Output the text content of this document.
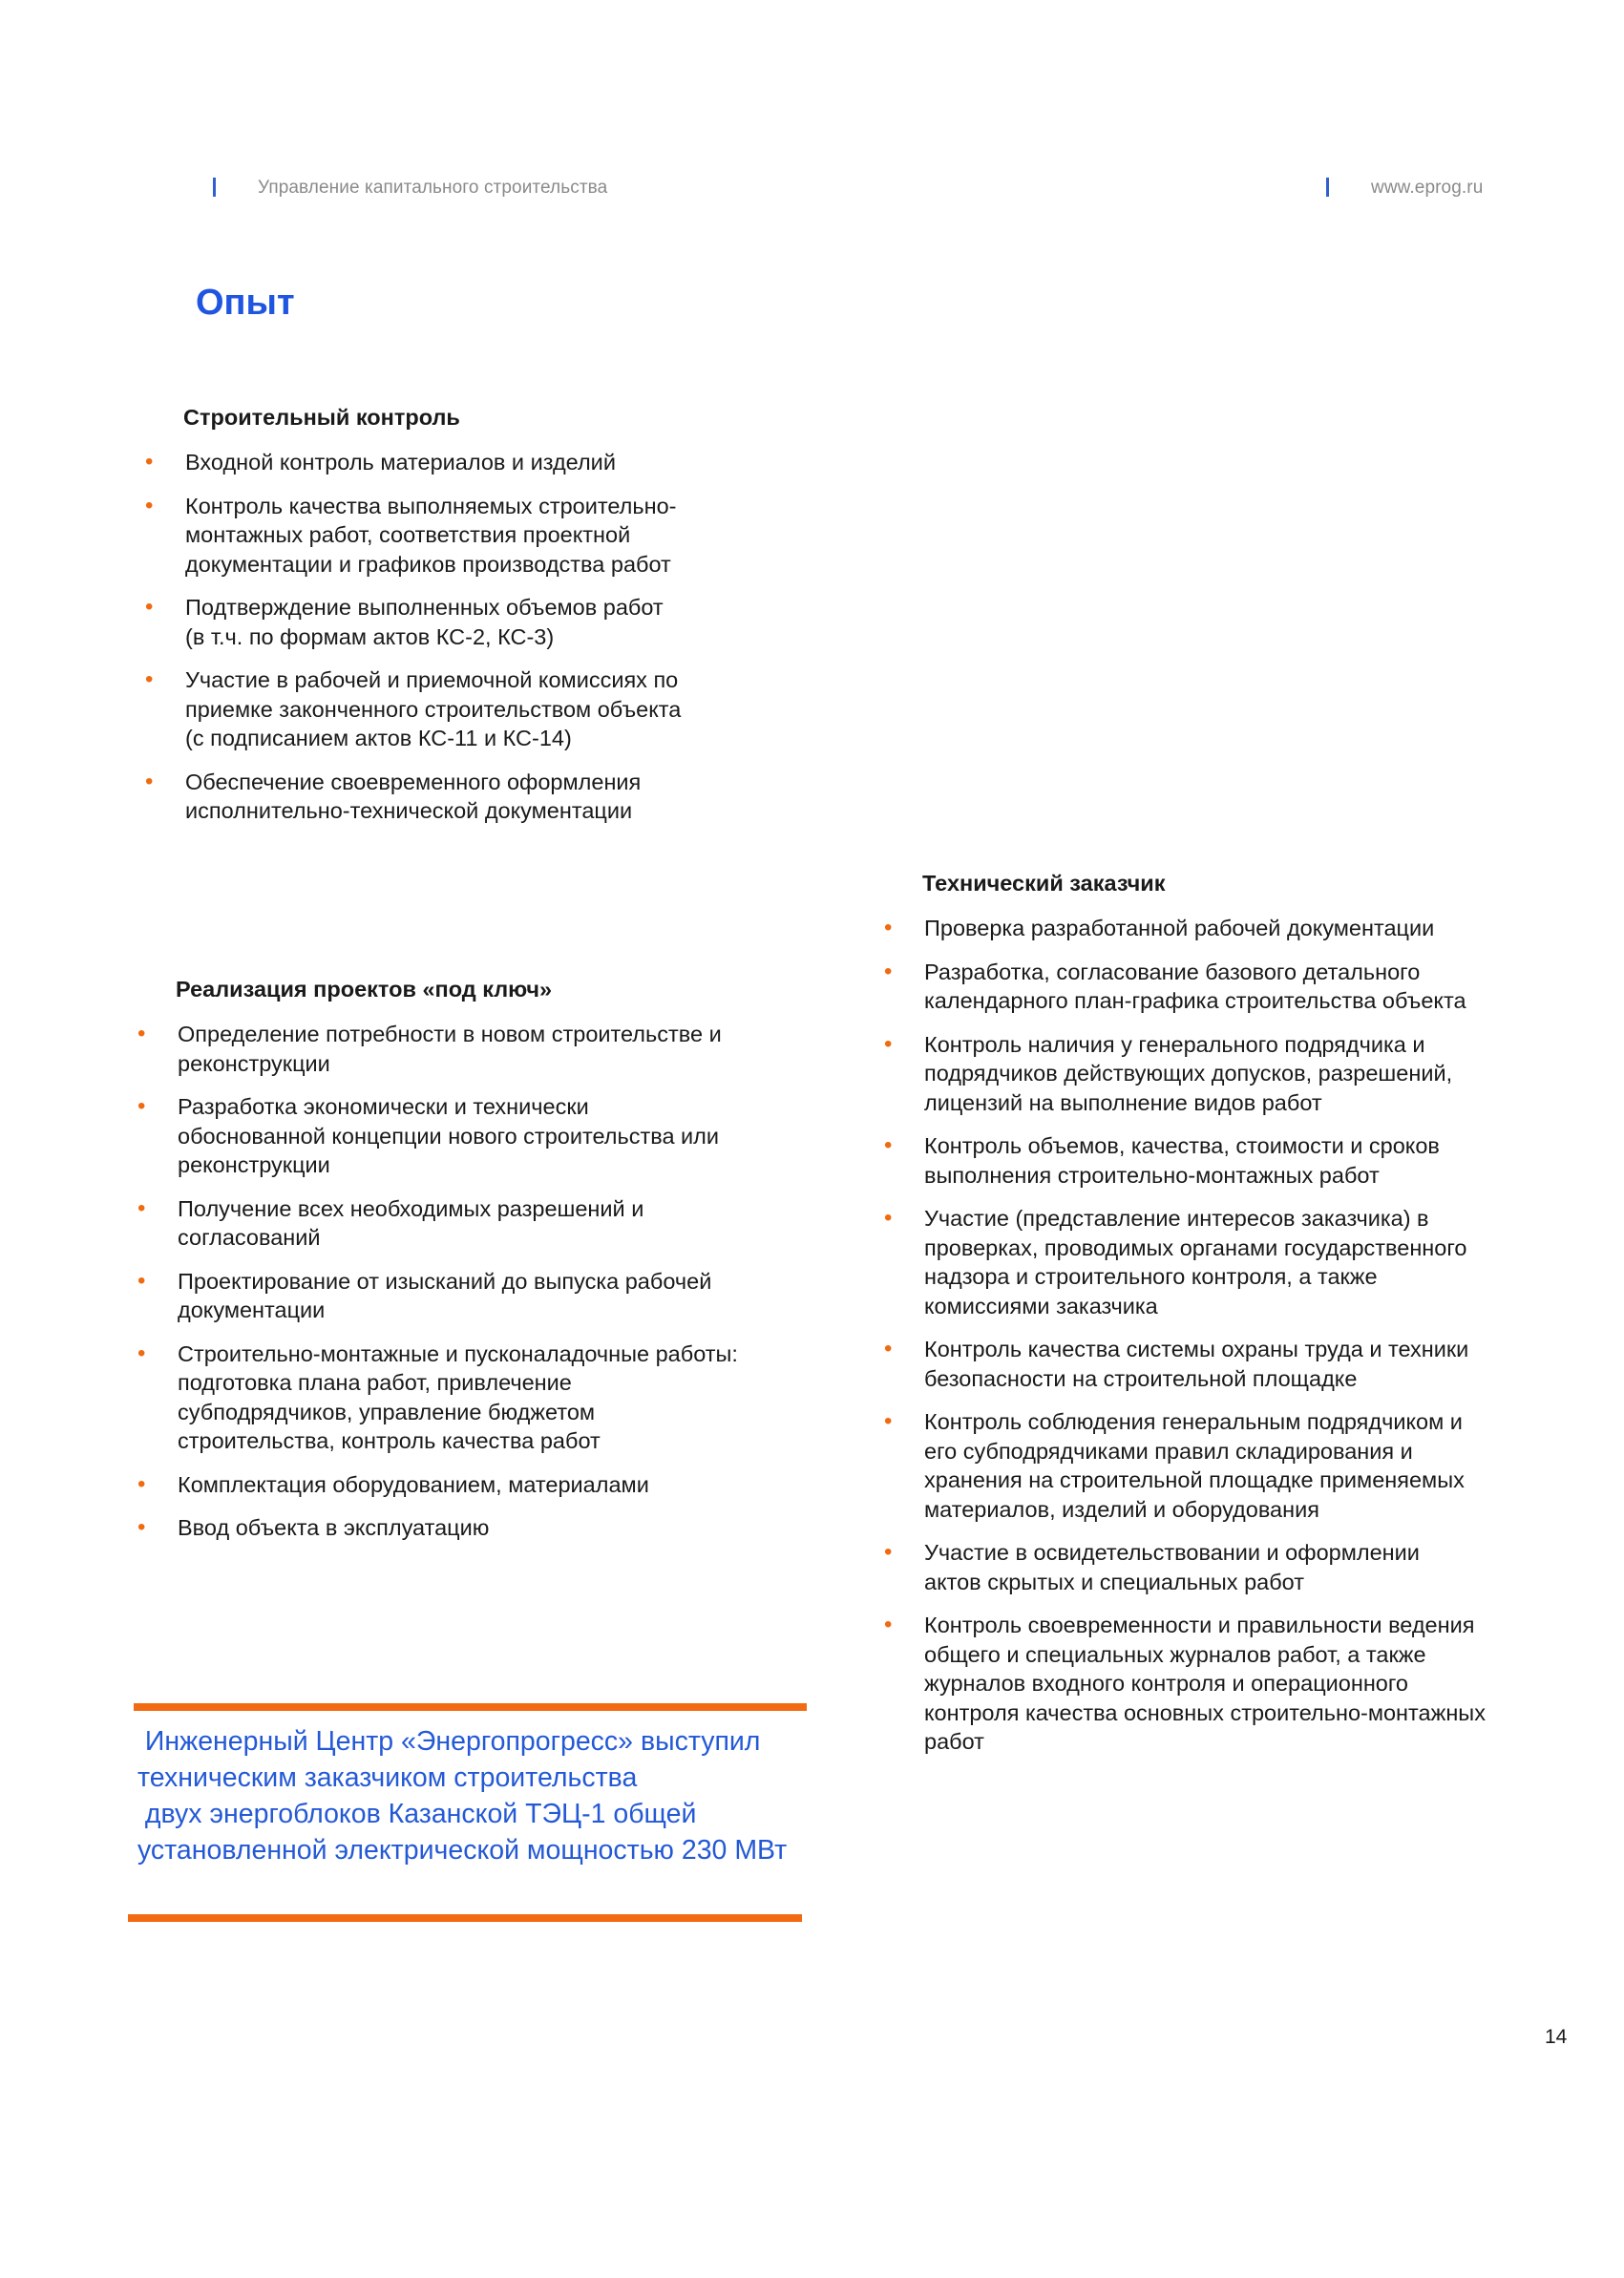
Управление капитального строительства	www.eprog.ru
Опыт
Строительный контроль
• Входной контроль материалов и изделий
• Контроль качества выполняемых строительно-
монтажных работ, соответствия проектной
документации и графиков производства работ
• Подтверждение выполненных объемов работ
(в т.ч. по формам актов КС-2, КС-3)
• Участие в рабочей и приемочной комиссиях по
приемке законченного строительством объекта
(с подписанием актов КС-11 и КС-14)
• Обеспечение своевременного оформления
исполнительно-технической документации
Реализация проектов «под ключ»
• Определение потребности в новом строительстве и
реконструкции
• Разработка экономически и технически
обоснованной концепции нового строительства или
реконструкции
• Получение всех необходимых разрешений и
согласований
• Проектирование от изысканий до выпуска рабочей
документации
• Строительно-монтажные и пусконаладочные работы:
подготовка плана работ, привлечение
субподрядчиков, управление бюджетом
строительства, контроль качества работ
• Комплектация оборудованием, материалами
• Ввод объекта в эксплуатацию
Технический заказчик
• Проверка разработанной рабочей документации
• Разработка, согласование базового детального
календарного план-графика строительства объекта
• Контроль наличия у генерального подрядчика и
подрядчиков действующих допусков, разрешений,
лицензий на выполнение видов работ
• Контроль объемов, качества, стоимости и сроков
выполнения строительно-монтажных работ
• Участие (представление интересов заказчика) в
проверках, проводимых органами государственного
надзора и строительного контроля, а также
комиссиями заказчика
• Контроль качества системы охраны труда и техники
безопасности на строительной площадке
• Контроль соблюдения генеральным подрядчиком и
его субподрядчиками правил складирования и
хранения на строительной площадке применяемых
материалов, изделий и оборудования
• Участие в освидетельствовании и оформлении
актов скрытых и специальных работ
• Контроль своевременности и правильности ведения
общего и специальных журналов работ, а также
журналов входного контроля и операционного
контроля качества основных строительно-монтажных
работ
Инженерный Центр «Энергопрогресс» выступил
техническим заказчиком строительства
двух энергоблоков Казанской ТЭЦ-1 общей
установленной электрической мощностью 230 МВт
14
